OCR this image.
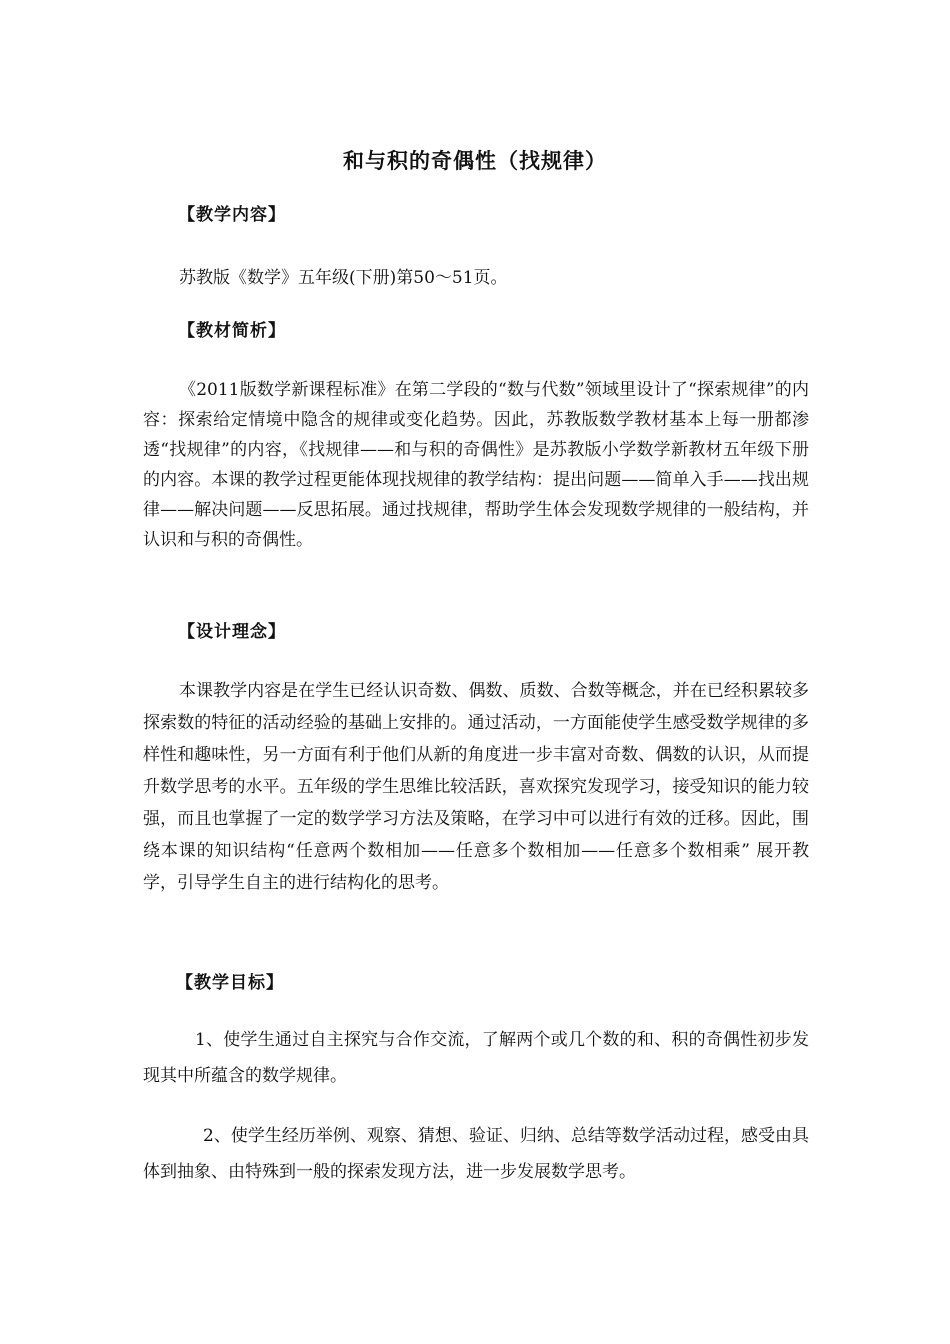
和与积的奇偶性（找规律）
【教学内容】

苏教版《数学》五年级(下册)第50～51页。

【教材简析】

《2011版数学新课程标准》在第二学段的“数与代数”领域里设计了“探索规律”的内容：探索给定情境中隐含的规律或变化趋势。因此，苏教版数学教材基本上每一册都渗透“找规律”的内容，《找规律——和与积的奇偶性》是苏教版小学数学新教材五年级下册的内容。本课的教学过程更能体现找规律的教学结构：提出问题——简单入手——找出规律——解决问题——反思拓展。通过找规律，帮助学生体会发现数学规律的一般结构，并认识和与积的奇偶性。

【设计理念】

本课教学内容是在学生已经认识奇数、偶数、质数、合数等概念，并在已经积累较多探索数的特征的活动经验的基础上安排的。通过活动，一方面能使学生感受数学规律的多样性和趣味性，另一方面有利于他们从新的角度进一步丰富对奇数、偶数的认识，从而提升数学思考的水平。五年级的学生思维比较活跃，喜欢探究发现学习，接受知识的能力较强，而且也掌握了一定的数学学习方法及策略，在学习中可以进行有效的迁移。因此，围绕本课的知识结构“任意两个数相加——任意多个数相加——任意多个数相乘” 展开教学，引导学生自主的进行结构化的思考。

【教学目标】

1、使学生通过自主探究与合作交流，了解两个或几个数的和、积的奇偶性初步发现其中所蕴含的数学规律。

2、使学生经历举例、观察、猜想、验证、归纳、总结等数学活动过程，感受由具体到抽象、由特殊到一般的探索发现方法，进一步发展数学思考。
